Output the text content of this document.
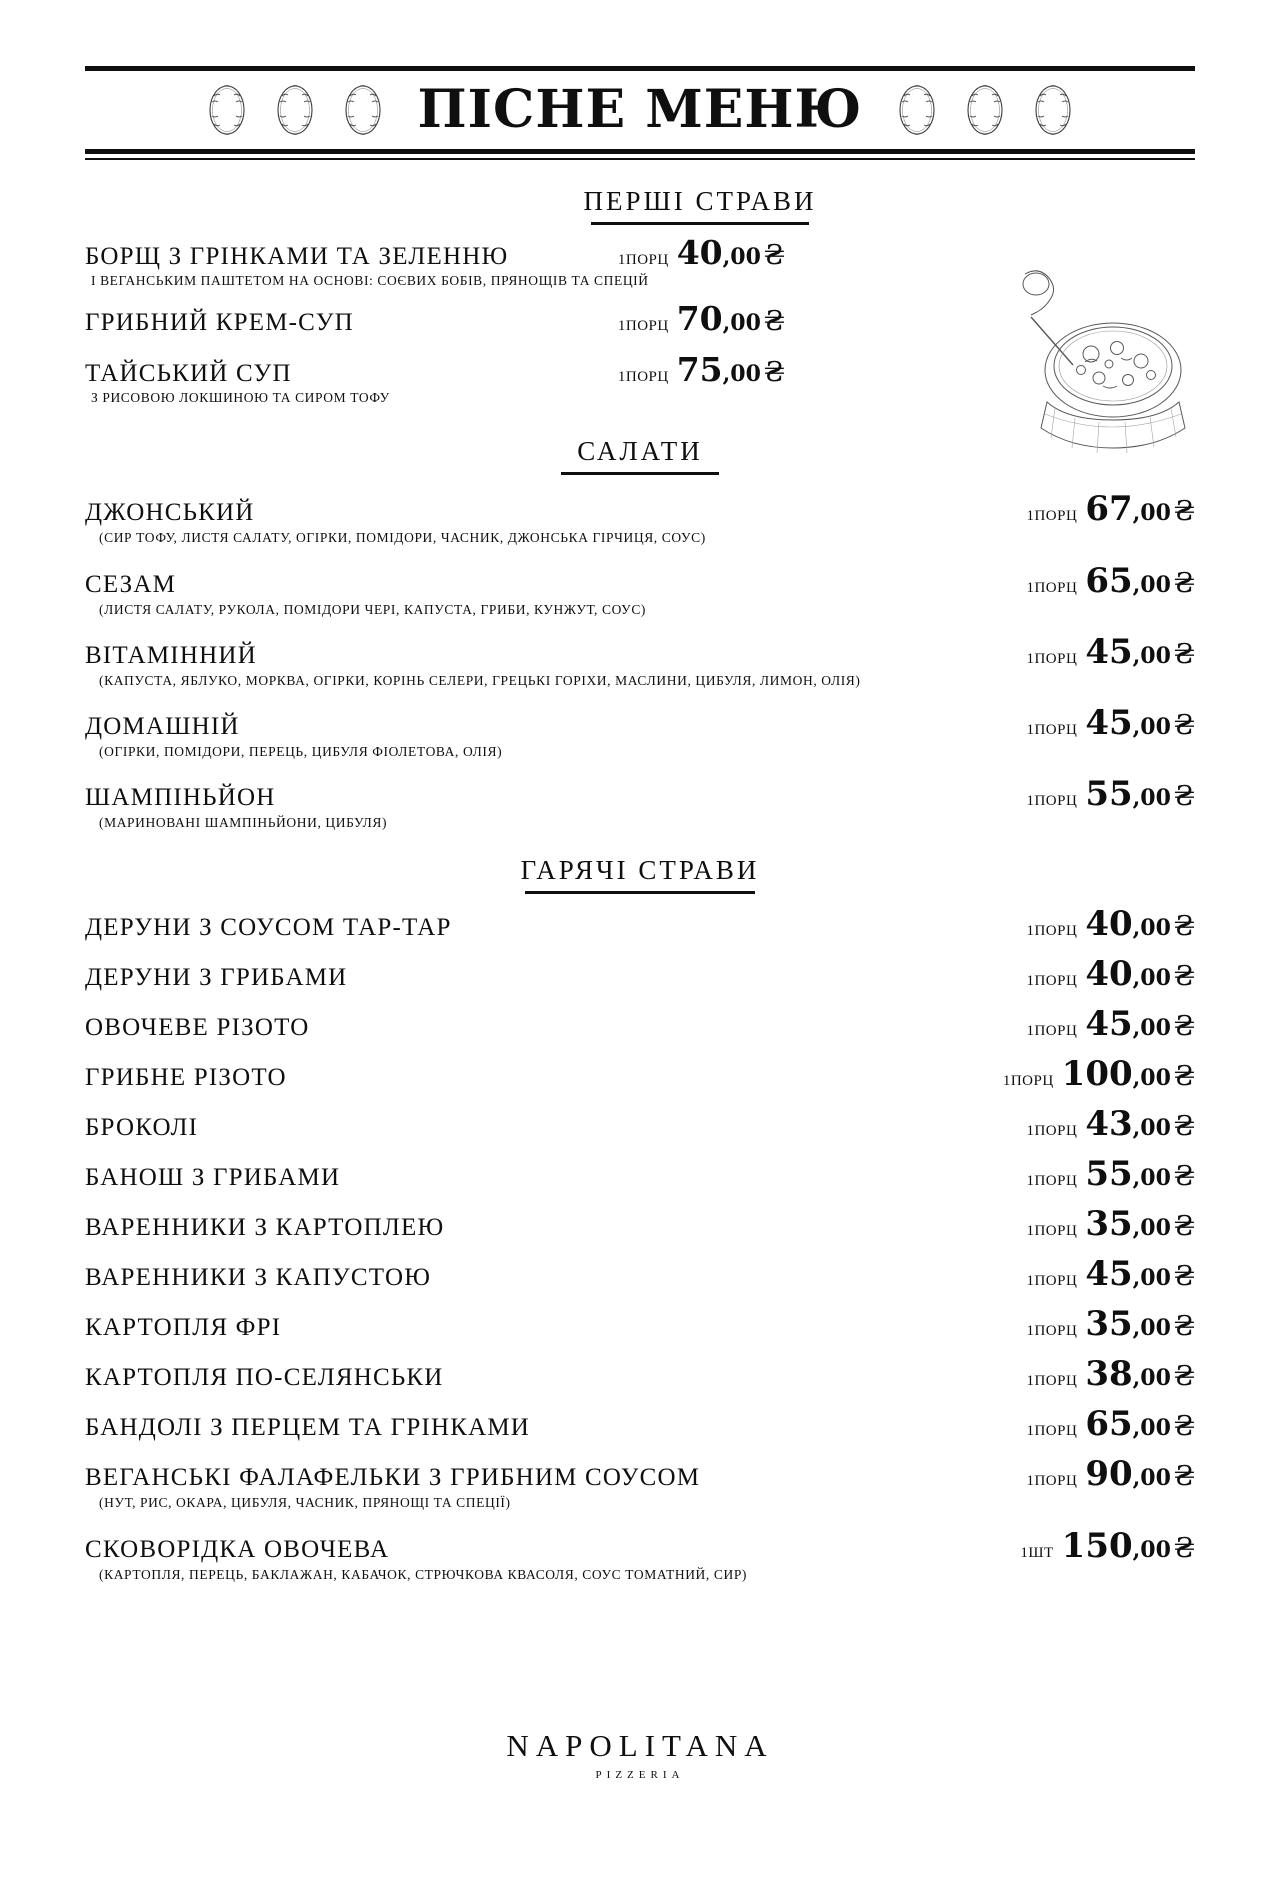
ПІСНЕ МЕНЮ
ПЕРШІ СТРАВИ
БОРЩ З ГРІНКАМИ ТА ЗЕЛЕННЮ	1ПОРЦ 40,00 ₴
І ВЕГАНСЬКИМ ПАШТЕТОМ НА ОСНОВІ: СОЄВИХ БОБІВ, ПРЯНОЩІВ ТА СПЕЦІЙ
ГРИБНИЙ КРЕМ-СУП	1ПОРЦ 70,00 ₴
ТАЙСЬКИЙ СУП	1ПОРЦ 75,00 ₴
З РИСОВОЮ ЛОКШИНОЮ ТА СИРОМ ТОФУ
САЛАТИ
ДЖОНСЬКИЙ	1ПОРЦ 67,00 ₴
(СИР ТОФУ, ЛИСТЯ САЛАТУ, ОГІРКИ, ПОМІДОРИ, ЧАСНИК, ДЖОНСЬКА ГІРЧИЦЯ, СОУС)
СЕЗАМ	1ПОРЦ 65,00 ₴
(ЛИСТЯ САЛАТУ, РУКОЛА, ПОМІДОРИ ЧЕРІ, КАПУСТА, ГРИБИ, КУНЖУТ, СОУС)
ВІТАМІННИЙ	1ПОРЦ 45,00 ₴
(КАПУСТА, ЯБЛУКО, МОРКВА, ОГІРКИ, КОРІНЬ СЕЛЕРИ, ГРЕЦЬКІ ГОРІХИ, МАСЛИНИ, ЦИБУЛЯ, ЛИМОН, ОЛІЯ)
ДОМАШНІЙ	1ПОРЦ 45,00 ₴
(ОГІРКИ, ПОМІДОРИ, ПЕРЕЦЬ, ЦИБУЛЯ ФІОЛЕТОВА, ОЛІЯ)
ШАМПІНЬЙОН	1ПОРЦ 55,00 ₴
(МАРИНОВАНІ ШАМПІНЬЙОНИ, ЦИБУЛЯ)
ГАРЯЧІ СТРАВИ
ДЕРУНИ З СОУСОМ ТАР-ТАР	1ПОРЦ 40,00 ₴
ДЕРУНИ З ГРИБАМИ	1ПОРЦ 40,00 ₴
ОВОЧЕВЕ РІЗОТО	1ПОРЦ 45,00 ₴
ГРИБНЕ РІЗОТО	1ПОРЦ 100,00 ₴
БРОКОЛІ	1ПОРЦ 43,00 ₴
БАНОШ З ГРИБАМИ	1ПОРЦ 55,00 ₴
ВАРЕННИКИ З КАРТОПЛЕЮ	1ПОРЦ 35,00 ₴
ВАРЕННИКИ З КАПУСТОЮ	1ПОРЦ 45,00 ₴
КАРТОПЛЯ ФРІ	1ПОРЦ 35,00 ₴
КАРТОПЛЯ ПО-СЕЛЯНСЬКИ	1ПОРЦ 38,00 ₴
БАНДОЛІ З ПЕРЦЕМ ТА ГРІНКАМИ	1ПОРЦ 65,00 ₴
ВЕГАНСЬКІ ФАЛАФЕЛЬКИ З ГРИБНИМ СОУСОМ	1ПОРЦ 90,00 ₴
(НУТ, РИС, ОКАРА, ЦИБУЛЯ, ЧАСНИК, ПРЯНОЩІ ТА СПЕЦІЇ)
СКОВОРІДКА ОВОЧЕВА	1ШТ 150,00 ₴
(КАРТОПЛЯ, ПЕРЕЦЬ, БАКЛАЖАН, КАБАЧОК, СТРЮЧКОВА КВАСОЛЯ, СОУС ТОМАТНИЙ, СИР)
NAPOLITANA
PIZZERIA
